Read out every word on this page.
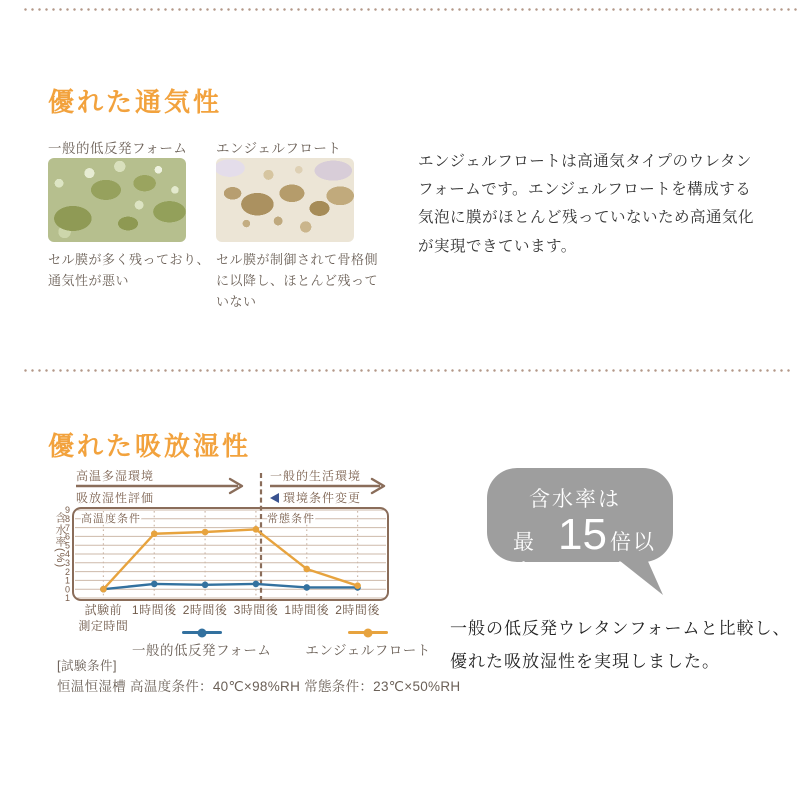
優れた通気性
一般的低反発フォーム
セル膜が多く残っており、
通気性が悪い
エンジェルフロート
セル膜が制御されて骨格側
に以降し、ほとんど残って
いない

エンジェルフロートは高通気タイプのウレタン
フォームです。エンジェルフロートを構成する
気泡に膜がほとんど残っていないため高通気化
が実現できています。

優れた吸放湿性
高温多湿環境
吸放湿性評価
一般的生活環境
環境条件変更
高温度条件	常態条件
9
8
7
6
5
4
3
2
1
0
1
試験前 1時間後 2時間後 3時間後 1時間後 2時間後
測定時間
含水率(%)
一般的低反発フォーム	エンジェルフロート
[試験条件]
恒温恒湿槽 高温度条件：40℃×98%RH 常態条件：23℃×50%RH
含水率は
最大
15 倍以上

一般の低反発ウレタンフォームと比較し、
優れた吸放湿性を実現しました。
